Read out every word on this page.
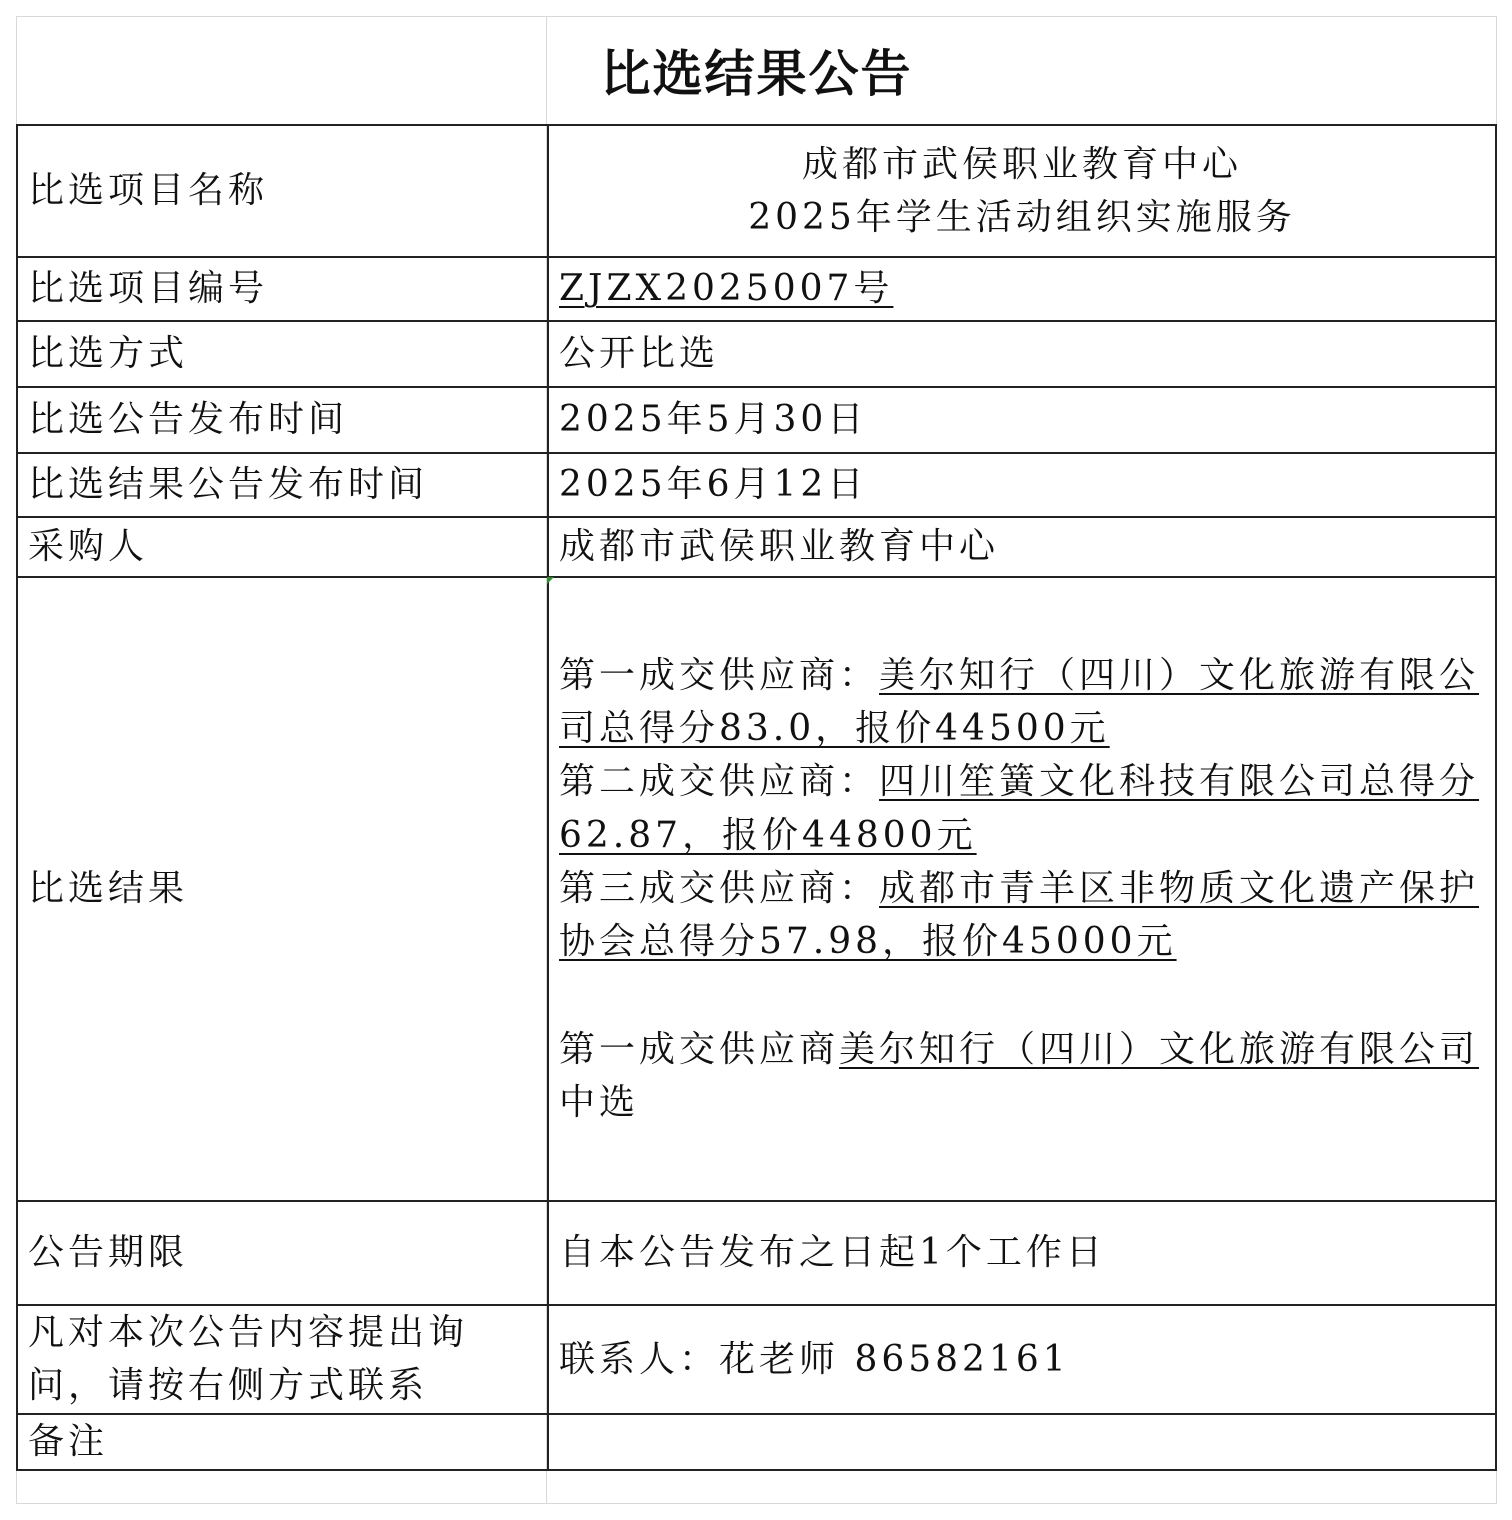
比选结果公告
比选项目名称	成都市武侯职业教育中心
2025年学生活动组织实施服务

比选项目编号	ZJZX2025007号
比选方式	公开比选
比选公告发布时间	2025年5月30日
比选结果公告发布时间	2025年6月12日
采购人	成都市武侯职业教育中心
比选结果	第一成交供应商：美尔知行（四川）文化旅游有限公司总得分83.0，报价44500元
第二成交供应商：四川笙簧文化科技有限公司总得分62.87，报价44800元
第三成交供应商：成都市青羊区非物质文化遗产保护协会总得分57.98，报价45000元
第一成交供应商美尔知行（四川）文化旅游有限公司中选

公告期限	自本公告发布之日起1个工作日
凡对本次公告内容提出询问，请按右侧方式联系	联系人：花老师 86582161
备注	
